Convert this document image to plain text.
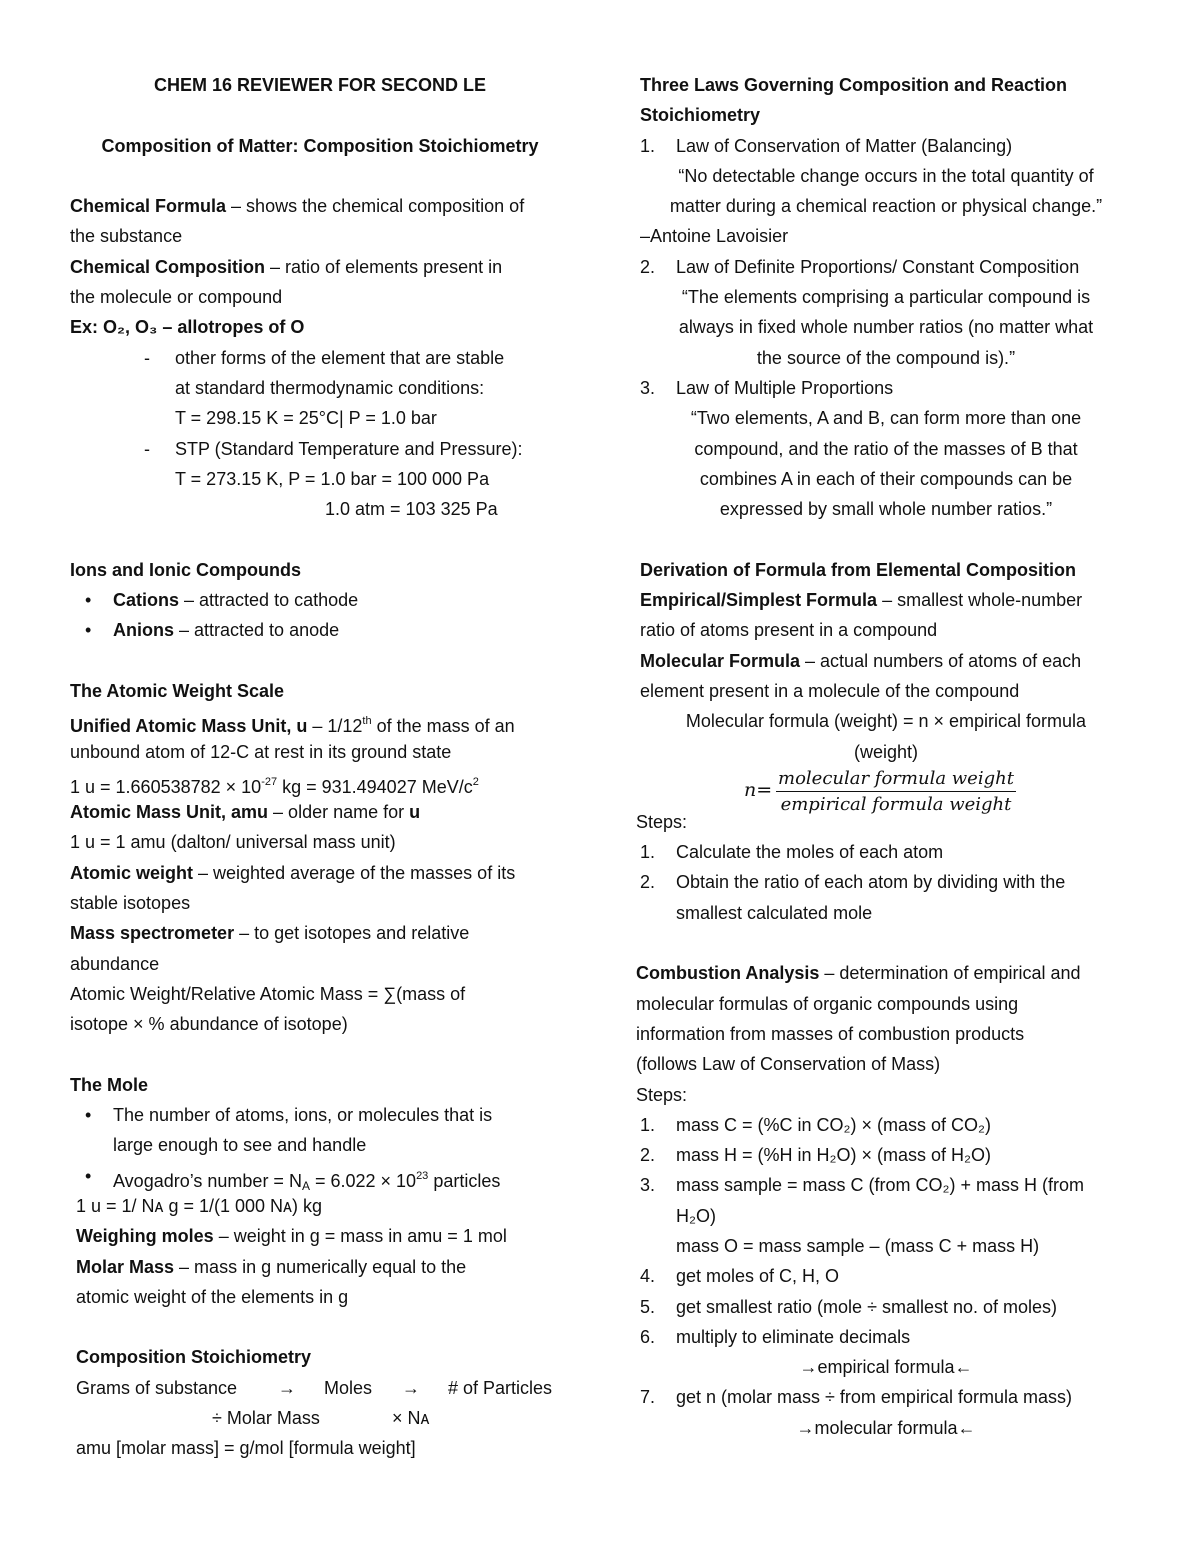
CHEM 16 REVIEWER FOR SECOND LE
Composition of Matter: Composition Stoichiometry
Chemical Formula – shows the chemical composition of
the substance
Chemical Composition – ratio of elements present in
the molecule or compound
Ex: O₂, O₃ – allotropes of O
- other forms of the element that are stable
at standard thermodynamic conditions:
T = 298.15 K = 25°C| P = 1.0 bar
- STP (Standard Temperature and Pressure):
T = 273.15 K, P = 1.0 bar = 100 000 Pa
1.0 atm = 103 325 Pa
Ions and Ionic Compounds
• Cations – attracted to cathode
• Anions – attracted to anode
The Atomic Weight Scale
Unified Atomic Mass Unit, u – 1/12th of the mass of an
unbound atom of 12-C at rest in its ground state
1 $u = 1.660538782 \times 10^{-27}$ kg = 931.494027 MeV/$c^2$
Atomic Mass Unit, amu – older name for u
1 u = 1 amu (dalton/ universal mass unit)
Atomic weight – weighted average of the masses of its
stable isotopes
Mass spectrometer – to get isotopes and relative
abundance
Atomic Weight/Relative Atomic Mass = ∑(mass of
isotope × % abundance of isotope)
The Mole
• The number of atoms, ions, or molecules that is
large enough to see and handle
• Avogadro’s number = $N_A = 6.022 \times 10^{23}$ particles
1 u = 1/ Nᴀ g = 1/(1 000 Nᴀ) kg
Weighing moles – weight in g = mass in amu = 1 mol
Molar Mass – mass in g numerically equal to the
atomic weight of the elements in g
Composition Stoichiometry
Grams of substance → Moles → # of Particles
÷ Molar Mass	× Nᴀ
amu [molar mass] = g/mol [formula weight]
Three Laws Governing Composition and Reaction
Stoichiometry
1. Law of Conservation of Matter (Balancing)
“No detectable change occurs in the total quantity of
matter during a chemical reaction or physical change.”
–Antoine Lavoisier
2. Law of Definite Proportions/ Constant Composition
“The elements comprising a particular compound is
always in fixed whole number ratios (no matter what
the source of the compound is).”
3. Law of Multiple Proportions
“Two elements, A and B, can form more than one
compound, and the ratio of the masses of B that
combines A in each of their compounds can be
expressed by small whole number ratios.”
Derivation of Formula from Elemental Composition
Empirical/Simplest Formula – smallest whole-number
ratio of atoms present in a compound
Molecular Formula – actual numbers of atoms of each
element present in a molecule of the compound
Molecular formula (weight) = n × empirical formula
(weight)
n=
molecular formula weight
empirical formula weight
Steps:
1. Calculate the moles of each atom
2. Obtain the ratio of each atom by dividing with the
smallest calculated mole
Combustion Analysis – determination of empirical and
molecular formulas of organic compounds using
information from masses of combustion products
(follows Law of Conservation of Mass)
Steps:
1. mass C = (%C in CO₂) × (mass of CO₂)
2. mass H = (%H in H₂O) × (mass of H₂O)
3. mass sample = mass C (from CO₂) + mass H (from
H₂O)
mass O = mass sample – (mass C + mass H)
4. get moles of C, H, O
5. get smallest ratio (mole ÷ smallest no. of moles)
6. multiply to eliminate decimals
→empirical formula←
7. get n (molar mass ÷ from empirical formula mass)
→molecular formula←
